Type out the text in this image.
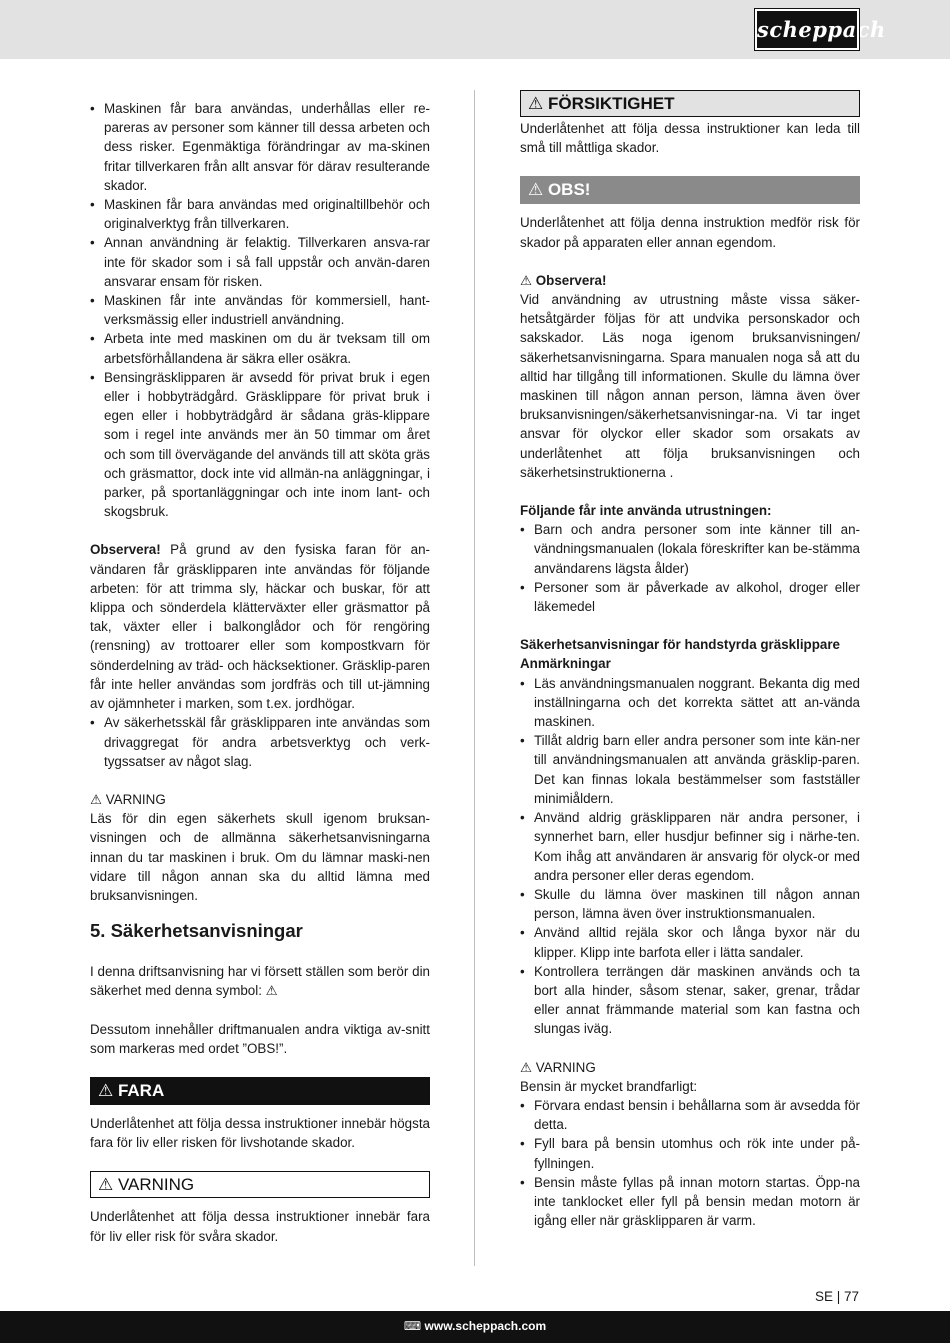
scheppach
• Maskinen får bara användas, underhållas eller re-pareras av personer som känner till dessa arbeten och dess risker. Egenmäktiga förändringar av ma-skinen fritar tillverkaren från allt ansvar för därav resulterande skador.
• Maskinen får bara användas med originaltillbehör och originalverktyg från tillverkaren.
• Annan användning är felaktig. Tillverkaren ansva-rar inte för skador som i så fall uppstår och använ-daren ansvarar ensam för risken.
• Maskinen får inte användas för kommersiell, hant-verksmässig eller industriell användning.
• Arbeta inte med maskinen om du är tveksam till om arbetsförhållandena är säkra eller osäkra.
• Bensingräsklipparen är avsedd för privat bruk i egen eller i hobbyträdgård. Gräsklippare för privat bruk i egen eller i hobbyträdgård är sådana gräs-klippare som i regel inte används mer än 50 timmar om året och som till övervägande del används till att sköta gräs och gräsmattor, dock inte vid allmän-na anläggningar, i parker, på sportanläggningar och inte inom lant- och skogsbruk.

Observera! På grund av den fysiska faran för an-vändaren får gräsklipparen inte användas för följande arbeten: för att trimma sly, häckar och buskar, för att klippa och sönderdela klätterväxter eller gräsmattor på tak, växter eller i balkonglådor och för rengöring (rensning) av trottoarer eller som kompostkvarn för sönderdelning av träd- och häcksektioner. Gräsklip-paren får inte heller användas som jordfräs och till ut-jämning av ojämnheter i marken, som t.ex. jordhögar.

• Av säkerhetsskäl får gräsklipparen inte användas som drivaggregat för andra arbetsverktyg och verk-tygssatser av något slag.

⚠ VARNING

Läs för din egen säkerhets skull igenom bruksan-visningen och de allmänna säkerhetsanvisningarna innan du tar maskinen i bruk. Om du lämnar maski-nen vidare till någon annan ska du alltid lämna med bruksanvisningen.

5. Säkerhetsanvisningar

I denna driftsanvisning har vi försett ställen som berör din säkerhet med denna symbol: ⚠

Dessutom innehåller driftmanualen andra viktiga av-snitt som markeras med ordet ”OBS!”.

⚠ FARA

Underlåtenhet att följa dessa instruktioner innebär högsta fara för liv eller risken för livshotande skador.

⚠ VARNING

Underlåtenhet att följa dessa instruktioner innebär fara för liv eller risk för svåra skador.

⚠ FÖRSIKTIGHET

Underlåtenhet att följa dessa instruktioner kan leda till små till måttliga skador.

⚠ OBS!

Underlåtenhet att följa denna instruktion medför risk för skador på apparaten eller annan egendom.

⚠ Observera!

Vid användning av utrustning måste vissa säker-hetsåtgärder följas för att undvika personskador och sakskador. Läs noga igenom bruksanvisningen/ säkerhetsanvisningarna. Spara manualen noga så att du alltid har tillgång till informationen. Skulle du lämna över maskinen till någon annan person, lämna även över bruksanvisningen/säkerhetsanvisningar-na. Vi tar inget ansvar för olyckor eller skador som orsakats av underlåtenhet att följa bruksanvisningen och säkerhetsinstruktionerna .

Följande får inte använda utrustningen:

• Barn och andra personer som inte känner till an-vändningsmanualen (lokala föreskrifter kan be-stämma användarens lägsta ålder)
• Personer som är påverkade av alkohol, droger eller läkemedel

Säkerhetsanvisningar för handstyrda gräsklippare

Anmärkningar

• Läs användningsmanualen noggrant. Bekanta dig med inställningarna och det korrekta sättet att an-vända maskinen.
• Tillåt aldrig barn eller andra personer som inte kän-ner till användningsmanualen att använda gräsklip-paren. Det kan finnas lokala bestämmelser som fastställer minimiåldern.
• Använd aldrig gräsklipparen när andra personer, i synnerhet barn, eller husdjur befinner sig i närhe-ten. Kom ihåg att användaren är ansvarig för olyck-or med andra personer eller deras egendom.
• Skulle du lämna över maskinen till någon annan person, lämna även över instruktionsmanualen.
• Använd alltid rejäla skor och långa byxor när du klipper. Klipp inte barfota eller i lätta sandaler.
• Kontrollera terrängen där maskinen används och ta bort alla hinder, såsom stenar, saker, grenar, trådar eller annat främmande material som kan fastna och slungas iväg.

⚠ VARNING

Bensin är mycket brandfarligt:

• Förvara endast bensin i behållarna som är avsedda för detta.
• Fyll bara på bensin utomhus och rök inte under på-fyllningen.
• Bensin måste fyllas på innan motorn startas. Öpp-na inte tanklocket eller fyll på bensin medan motorn är igång eller när gräsklipparen är varm.
SE | 77
⌨ www.scheppach.com
